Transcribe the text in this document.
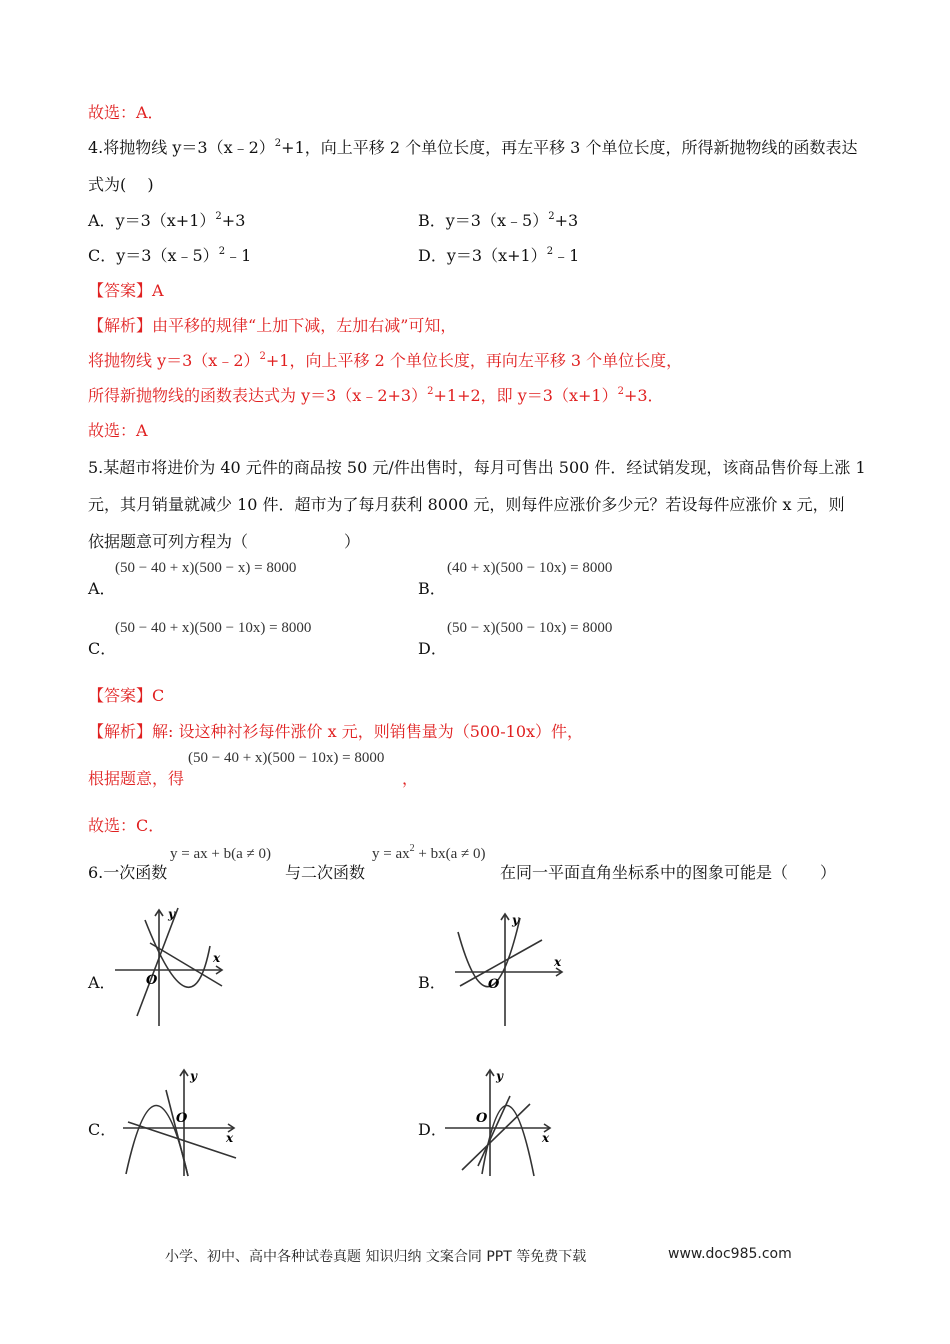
故选：A．
4.将抛物线 y＝3（x﹣2）$^2$+1，向上平移 2 个单位长度，再左平移 3 个单位长度，所得新抛物线的函数表达
式为(　 )
A．$y=3(x+1)^2+3$	B．y＝3（x﹣5）$^2$+3
C．y＝3（x﹣5）$^2$﹣1	D．$y=3(x+1)^2﹣1$
【答案】A
【解析】由平移的规律“上加下减，左加右减”可知，
将抛物线 y＝3（x﹣2）$^2$+1，向上平移 2 个单位长度，再向左平移 3 个单位长度，
所得新抛物线的函数表达式为 y＝3（x﹣2+3）$^2$+1+2，即 $y=3(x+1)^2+3$．
故选：A
5.某超市将进价为 40 元件的商品按 50 元/件出售时，每月可售出 500 件．经试销发现，该商品售价每上涨 1
元，其月销量就减少 10 件．超市为了每月获利 8000 元，则每件应涨价多少元？若设每件应涨价 x 元，则
依据题意可列方程为（　　　　　　）
A．
(50 − 40 + x)(500 − x) = 8000
B．
(40 + x)(500 − 10x) = 8000
C．
(50 − 40 + x)(500 − 10x) = 8000
D．
(50 − x)(500 − 10x) = 8000
【答案】C
【解析】解: 设这种衬衫每件涨价 x 元，则销售量为（500-10x）件，
根据题意，得
(50 − 40 + x)(500 − 10x) = 8000
，
故选：C．
6.一次函数
y = ax + b(a ≠ 0)
与二次函数
$y = ax^2 + bx(a \ne 0)$
在同一平面直角坐标系中的图象可能是（　　）
A．	B．
C．	D．
y
x
O
y
x
O
y
x
O
y
x
O
小学、初中、高中各种试卷真题 知识归纳 文案合同 PPT 等免费下载	www.doc985.com
